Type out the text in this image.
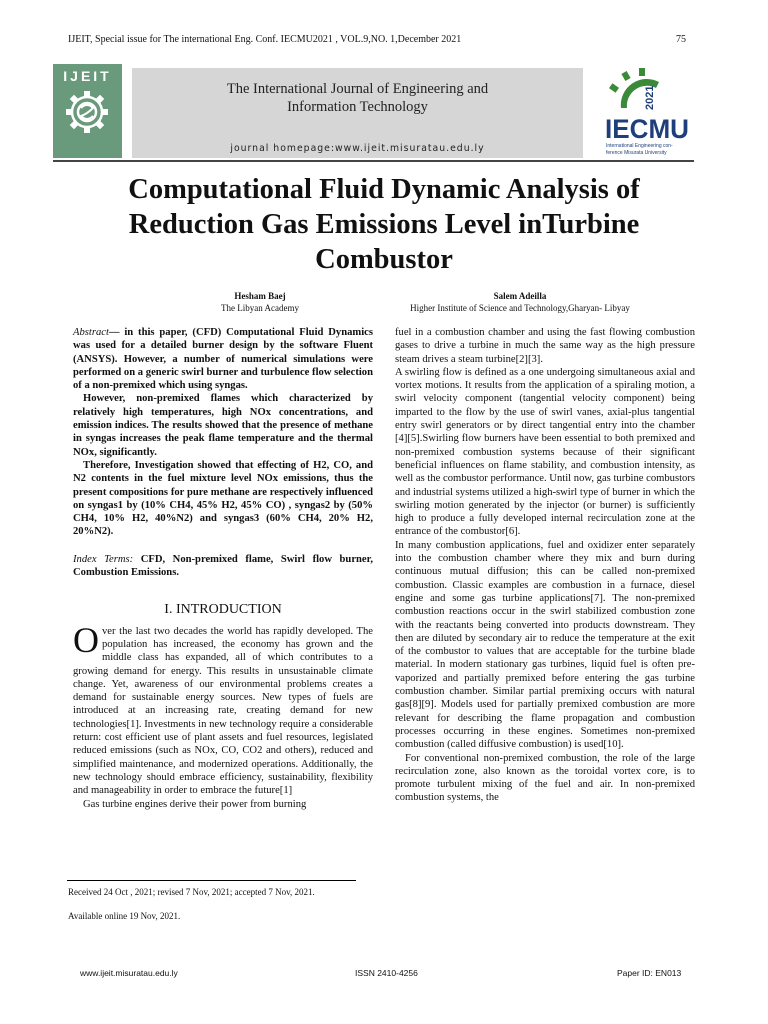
IJEIT, Special issue for The international Eng. Conf. IECMU2021 , VOL.9,NO. 1,December 2021	75
IJEIT
The International Journal of Engineering and
Information Technology
journal homepage:www.ijeit.misuratau.edu.ly
2021
IECMU
International Engineering con-
ference Misurata University
Computational Fluid Dynamic Analysis of
Reduction Gas Emissions Level inTurbine
Combustor
Hesham Baej
The Libyan Academy
Salem Adeilla
Higher Institute of Science and Technology,Gharyan- Libyay

Abstract— in this paper, (CFD) Computational Fluid Dynamics was used for a detailed burner design by the software Fluent (ANSYS). However, a number of numerical simulations were performed on a generic swirl burner and turbulence flow selection of a non-premixed which using syngas.

However, non-premixed flames which characterized by relatively high temperatures, high NOx concentrations, and emission indices. The results showed that the presence of methane in syngas increases the peak flame temperature and the thermal NOx, significantly.

Therefore, Investigation showed that effecting of H2, CO, and N2 contents in the fuel mixture level NOx emissions, thus the present compositions for pure methane are respectively influenced on syngas1 by (10% CH4, 45% H2, 45% CO) , syngas2 by (50% CH4, 10% H2, 40%N2) and syngas3 (60% CH4, 20% H2, 20%N2).

Index Terms: CFD, Non-premixed flame, Swirl flow burner, Combustion Emissions.

I. INTRODUCTION

Over the last two decades the world has rapidly developed. The population has increased, the economy has grown and the middle class has expanded, all of which contributes to a growing demand for energy. This results in unsustainable climate change. Yet, awareness of our environmental problems creates a demand for sustainable energy sources. New types of fuels are introduced at an increasing rate, creating demand for new technologies[1]. Investments in new technology require a considerable return: cost efficient use of plant assets and fuel resources, legislated reduced emissions (such as NOx, CO, CO2 and others), reduced and simplified maintenance, and modernized operations. Additionally, the new technology should embrace efficiency, sustainability, flexibility and manageability in order to embrace the future[1]

Gas turbine engines derive their power from burning

fuel in a combustion chamber and using the fast flowing combustion gases to drive a turbine in much the same way as the high pressure steam drives a steam turbine[2][3].

A swirling flow is defined as a one undergoing simultaneous axial and vortex motions. It results from the application of a spiraling motion, a swirl velocity component (tangential velocity component) being imparted to the flow by the use of swirl vanes, axial-plus tangential entry swirl generators or by direct tangential entry into the chamber [4][5].Swirling flow burners have been essential to both premixed and non-premixed combustion systems because of their significant beneficial influences on flame stability, and combustion intensity, as well as the combustor performance. Until now, gas turbine combustors and industrial systems utilized a high-swirl type of burner in which the swirling motion generated by the injector (or burner) is sufficiently high to produce a fully developed internal recirculation zone at the entrance of the combustor[6].

In many combustion applications, fuel and oxidizer enter separately into the combustion chamber where they mix and burn during continuous mutual diffusion; this can be called non-premixed combustion. Classic examples are combustion in a furnace, diesel engine and some gas turbine applications[7]. The non-premixed combustion reactions occur in the swirl stabilized combustion zone with the reactants being converted into products downstream. They then are diluted by secondary air to reduce the temperature at the exit of the combustor to values that are acceptable for the turbine blade material. In modern stationary gas turbines, liquid fuel is often pre-vaporized and partially premixed before entering the gas turbine combustion chamber. Similar partial premixing occurs with natural gas[8][9]. Models used for partially premixed combustion are more relevant for describing the flame propagation and combustion processes occurring in these engines. Sometimes non-premixed combustion (called diffusive combustion) is used[10].

For conventional non-premixed combustion, the role of the large recirculation zone, also known as the toroidal vortex core, is to promote turbulent mixing of the fuel and air. In non-premixed combustion systems, the

Received 24 Oct , 2021; revised 7 Nov, 2021; accepted 7 Nov, 2021.
Available online 19 Nov, 2021.
www.ijeit.misuratau.edu.ly	ISSN 2410-4256	Paper ID: EN013
